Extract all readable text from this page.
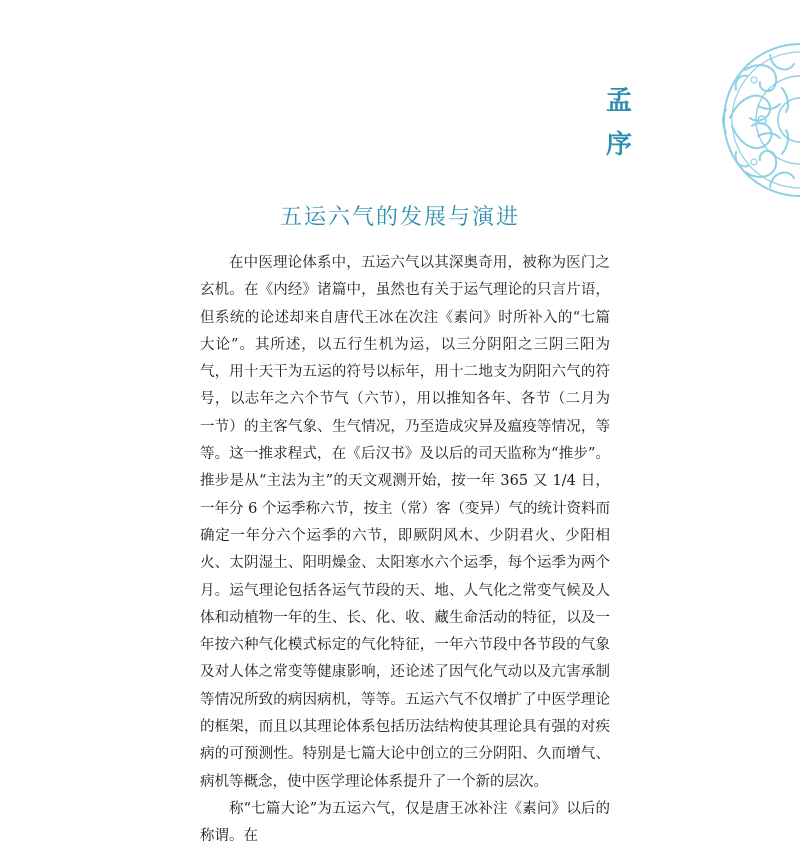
孟
序
五运六气的发展与演进

在中医理论体系中，五运六气以其深奥奇用，被称为医门之玄机。在《内经》诸篇中，虽然也有关于运气理论的只言片语，但系统的论述却来自唐代王冰在次注《素问》时所补入的“七篇大论”。其所述，以五行生机为运，以三分阴阳之三阴三阳为气，用十天干为五运的符号以标年，用十二地支为阴阳六气的符号，以志年之六个节气（六节），用以推知各年、各节（二月为一节）的主客气象、生气情况，乃至造成灾异及瘟疫等情况，等等。这一推求程式，在《后汉书》及以后的司天监称为“推步”。推步是从“主法为主”的天文观测开始，按一年 365 又 1/4 日，一年分 6 个运季称六节，按主（常）客（变异）气的统计资料而确定一年分六个运季的六节，即厥阴风木、少阴君火、少阳相火、太阴湿土、阳明燥金、太阳寒水六个运季，每个运季为两个月。运气理论包括各运气节段的天、地、人气化之常变气候及人体和动植物一年的生、长、化、收、藏生命活动的特征，以及一年按六种气化模式标定的气化特征，一年六节段中各节段的气象及对人体之常变等健康影响，还论述了因气化气动以及亢害承制等情况所致的病因病机，等等。五运六气不仅增扩了中医学理论的框架，而且以其理论体系包括历法结构使其理论具有强的对疾病的可预测性。特别是七篇大论中创立的三分阴阳、久而增气、病机等概念，使中医学理论体系提升了一个新的层次。

称“七篇大论”为五运六气，仅是唐王冰补注《素问》以后的称谓。在
